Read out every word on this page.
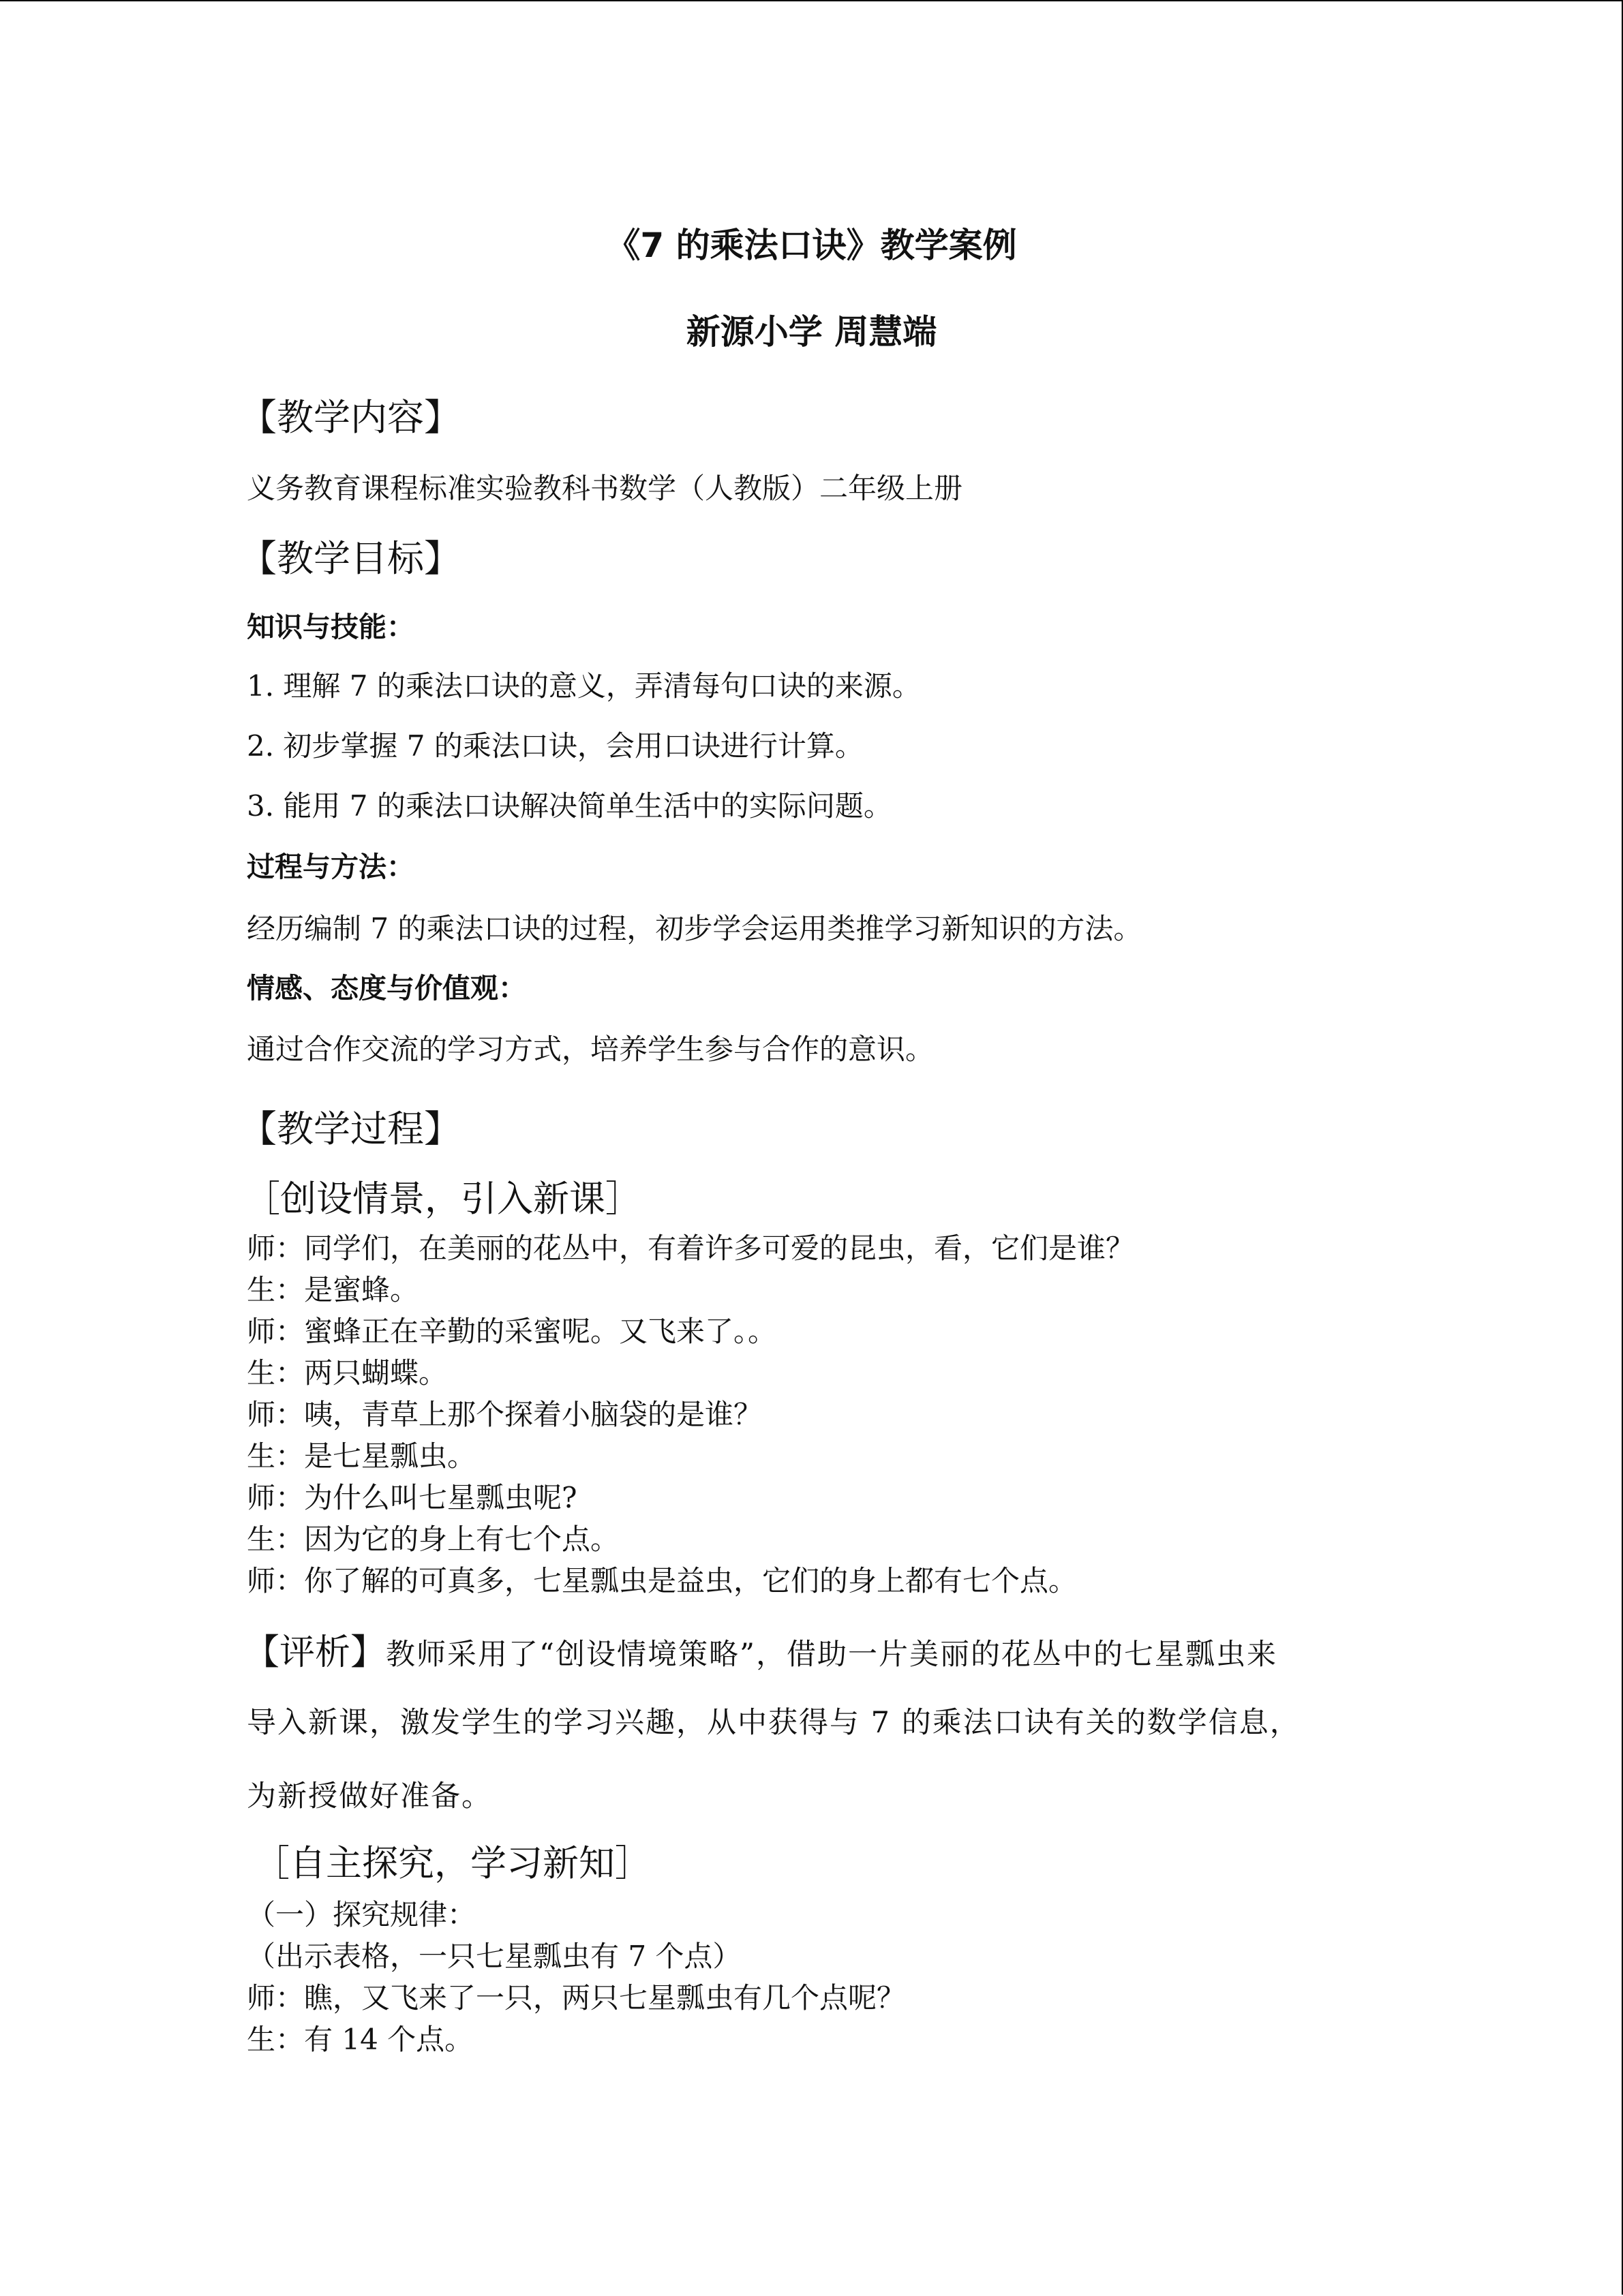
《7 的乘法口诀》教学案例
新源小学 周慧端
【教学内容】
义务教育课程标准实验教科书数学（人教版）二年级上册
【教学目标】
知识与技能：
1. 理解 7 的乘法口诀的意义，弄清每句口诀的来源。
2. 初步掌握 7 的乘法口诀，会用口诀进行计算。
3. 能用 7 的乘法口诀解决简单生活中的实际问题。
过程与方法：
经历编制 7 的乘法口诀的过程，初步学会运用类推学习新知识的方法。
情感、态度与价值观：
通过合作交流的学习方式，培养学生参与合作的意识。
【教学过程】
［创设情景，引入新课］
师：同学们，在美丽的花丛中，有着许多可爱的昆虫，看，它们是谁？
生：是蜜蜂。
师：蜜蜂正在辛勤的采蜜呢。又飞来了。。
生：两只蝴蝶。
师：咦，青草上那个探着小脑袋的是谁？
生：是七星瓢虫。
师：为什么叫七星瓢虫呢?
生：因为它的身上有七个点。
师：你了解的可真多，七星瓢虫是益虫，它们的身上都有七个点。
【评析】教师采用了“创设情境策略”，借助一片美丽的花丛中的七星瓢虫来
导入新课，激发学生的学习兴趣，从中获得与 7 的乘法口诀有关的数学信息，
为新授做好准备。
［自主探究，学习新知］
（一）探究规律：
（出示表格，一只七星瓢虫有 7 个点）
师：瞧，又飞来了一只，两只七星瓢虫有几个点呢？
生：有 14 个点。
